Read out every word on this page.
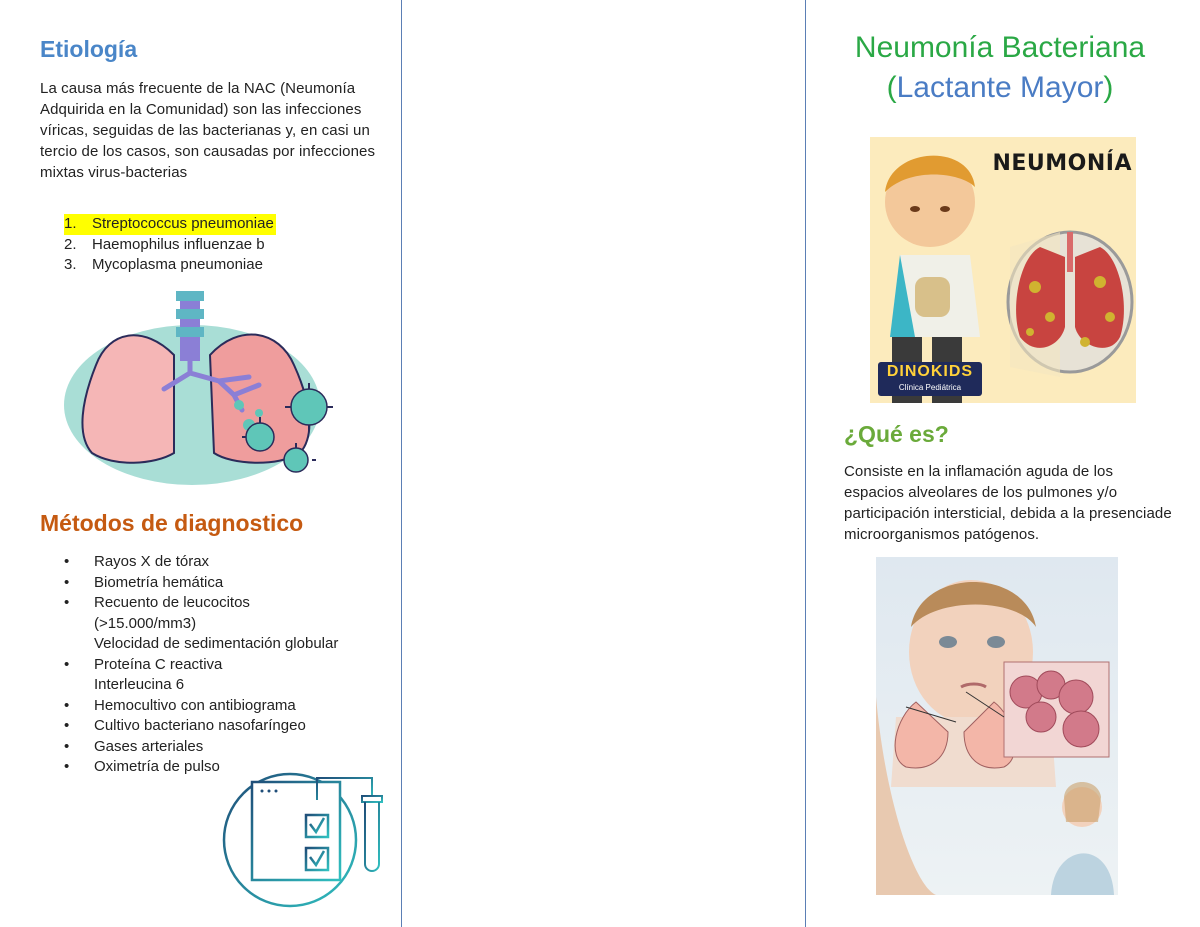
Etiología
La causa más frecuente de la NAC (Neumonía Adquirida en la Comunidad) son las infecciones víricas, seguidas de las bacterianas y, en casi un tercio de los casos, son causadas por infecciones mixtas virus-bacterias
1. Streptococcus pneumoniae

2. Haemophilus influenzae b
3. Mycoplasma pneumoniae
Métodos de diagnostico
• Rayos X de tórax
• Biometría hemática
• Recuento de leucocitos
(>15.000/mm3)
Velocidad de sedimentación globular
• Proteína C reactiva
Interleucina 6
• Hemocultivo con antibiograma
• Cultivo bacteriano nasofaríngeo
• Gases arteriales
• Oximetría de pulso
Neumonía Bacteriana
(Lactante Mayor)
NEUMONÍA
DINOKIDS
Clínica Pediátrica
¿Qué es?
Consiste en la inflamación aguda de los espacios alveolares de los pulmones y/o participación intersticial, debida a la presenciade microorganismos patógenos.
